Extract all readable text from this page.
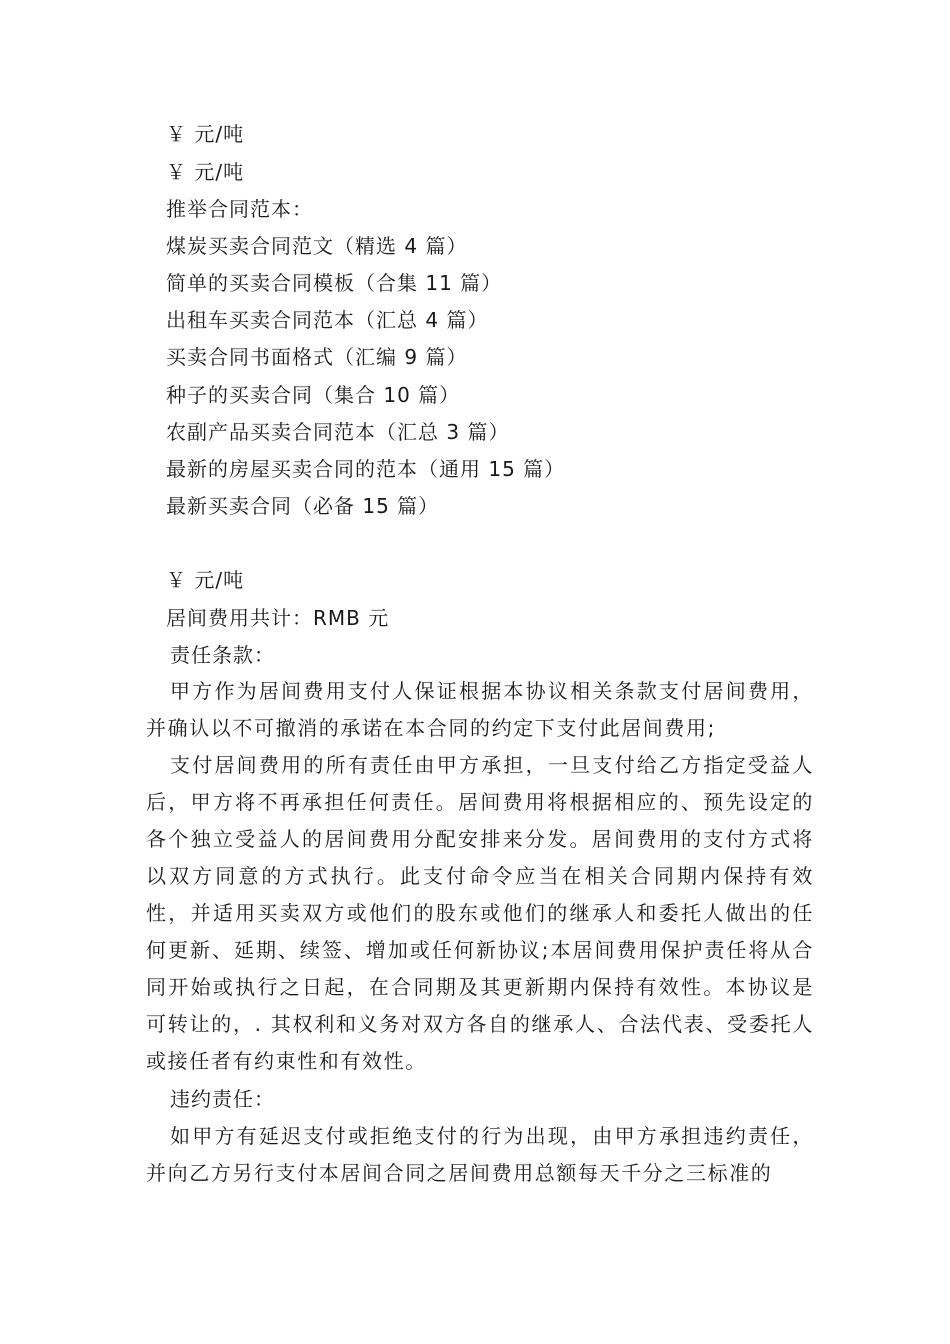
￥ 元/吨
￥ 元/吨
推举合同范本：
煤炭买卖合同范文（精选 4 篇）
简单的买卖合同模板（合集 11 篇）
出租车买卖合同范本（汇总 4 篇）
买卖合同书面格式（汇编 9 篇）
种子的买卖合同（集合 10 篇）
农副产品买卖合同范本（汇总 3 篇）
最新的房屋买卖合同的范本（通用 15 篇）
最新买卖合同（必备 15 篇）
￥ 元/吨
居间费用共计：RMB 元
责任条款：
甲方作为居间费用支付人保证根据本协议相关条款支付居间费用，并确认以不可撤消的承诺在本合同的约定下支付此居间费用;
支付居间费用的所有责任由甲方承担，一旦支付给乙方指定受益人后，甲方将不再承担任何责任。居间费用将根据相应的、预先设定的各个独立受益人的居间费用分配安排来分发。居间费用的支付方式将以双方同意的方式执行。此支付命令应当在相关合同期内保持有效性，并适用买卖双方或他们的股东或他们的继承人和委托人做出的任何更新、延期、续签、增加或任何新协议;本居间费用保护责任将从合同开始或执行之日起，在合同期及其更新期内保持有效性。本协议是可转让的，. 其权利和义务对双方各自的继承人、合法代表、受委托人或接任者有约束性和有效性。
违约责任：
如甲方有延迟支付或拒绝支付的行为出现，由甲方承担违约责任，并向乙方另行支付本居间合同之居间费用总额每天千分之三标准的
